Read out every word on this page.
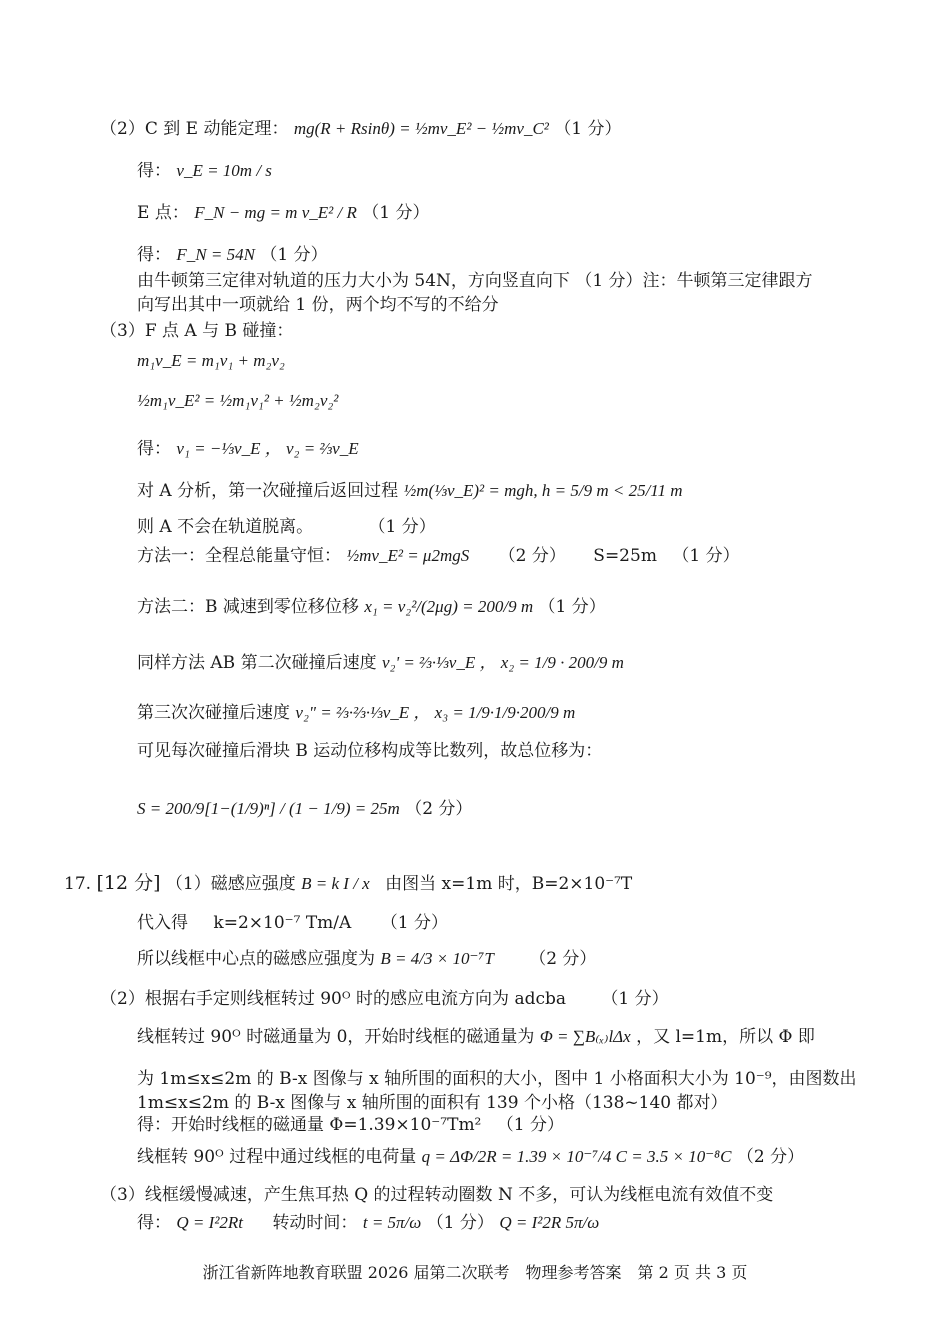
（2）C 到 E 动能定理： mg(R + Rsinθ) = ½mv_E² − ½mv_C² （1 分）
得： v_E = 10m / s
E 点： F_N − mg = m v_E² / R （1 分）
得： F_N = 54N （1 分）
由牛顿第三定律对轨道的压力大小为 54N，方向竖直向下 （1 分）注：牛顿第三定律跟方
向写出其中一项就给 1 份，两个均不写的不给分
（3）F 点 A 与 B 碰撞：
m₁v_E = m₁v₁ + m₂v₂
½m₁v_E² = ½m₁v₁² + ½m₂v₂²
得： v₁ = −⅓v_E ， v₂ = ⅔v_E
对 A 分析，第一次碰撞后返回过程 ½m(⅓v_E)² = mgh, h = 5/9 m < 25/11 m
则 A 不会在轨道脱离。	（1 分）
方法一：全程总能量守恒： ½mv_E² = μ2mgS （2 分） S=25m （1 分）
方法二：B 减速到零位移位移 x₁ = v₂²/(2μg) = 200/9 m （1 分）
同样方法 AB 第二次碰撞后速度 v₂' = ⅔·⅓v_E ， x₂ = 1/9 · 200/9 m
第三次次碰撞后速度 v₂" = ⅔·⅔·⅓v_E ， x₃ = 1/9·1/9·200/9 m
可见每次碰撞后滑块 B 运动位移构成等比数列，故总位移为：
S = 200/9[1−(1/9)ⁿ] / (1 − 1/9) = 25m （2 分）
17. [12 分] （1）磁感应强度 B = k I / x 由图当 x=1m 时，B=2×10⁻⁷T
代入得 k=2×10⁻⁷ Tm/A （1 分）
所以线框中心点的磁感应强度为 B = 4/3 × 10⁻⁷T （2 分）
（2）根据右手定则线框转过 90ᴼ 时的感应电流方向为 adcba （1 分）
线框转过 90ᴼ 时磁通量为 0，开始时线框的磁通量为 Φ = ∑B₍ₓ₎lΔx ，又 l=1m，所以 Φ 即
为 1m≤x≤2m 的 B-x 图像与 x 轴所围的面积的大小，图中 1 小格面积大小为 10⁻⁹，由图数出
1m≤x≤2m 的 B-x 图像与 x 轴所围的面积有 139 个小格（138~140 都对）
得：开始时线框的磁通量 Φ=1.39×10⁻⁷Tm² （1 分）
线框转 90ᴼ 过程中通过线框的电荷量 q = ΔΦ/2R = 1.39 × 10⁻⁷/4 C = 3.5 × 10⁻⁸C （2 分）
（3）线框缓慢减速，产生焦耳热 Q 的过程转动圈数 N 不多，可认为线框电流有效值不变
得： Q = I²2Rt 转动时间： t = 5π/ω （1 分） Q = I²2R 5π/ω
浙江省新阵地教育联盟 2026 届第二次联考　物理参考答案　第 2 页 共 3 页
